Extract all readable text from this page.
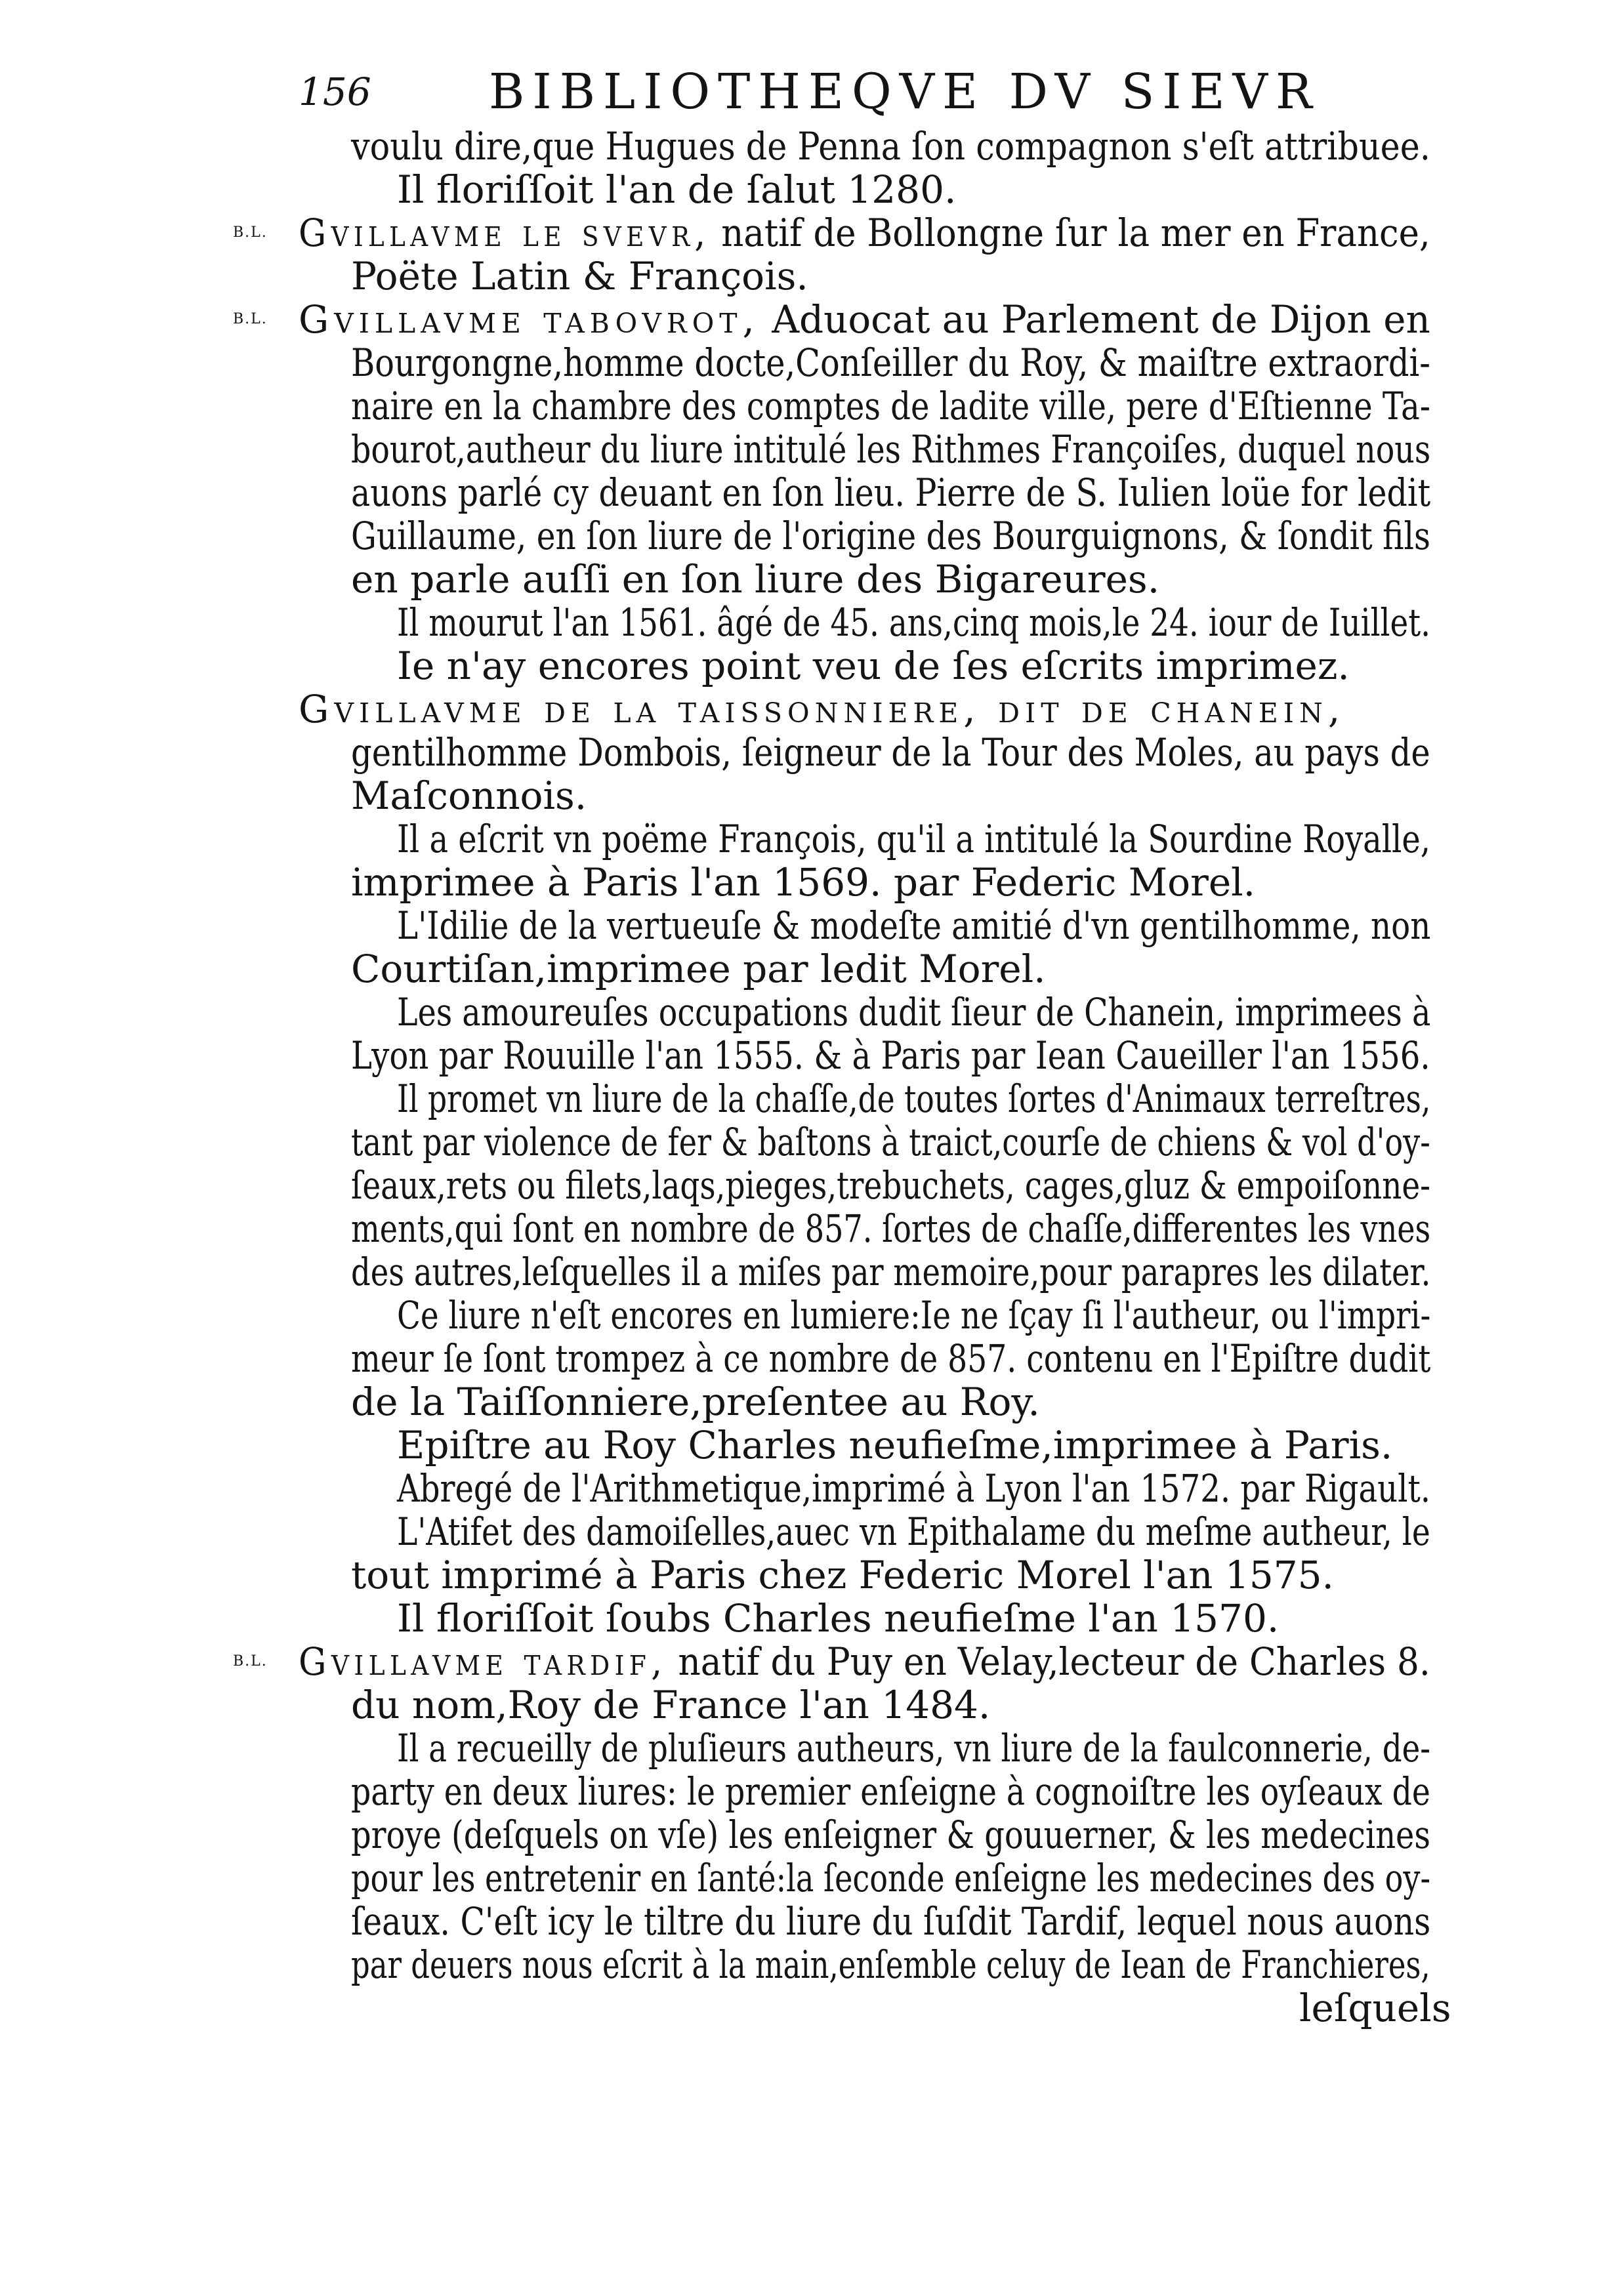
156 BIBLIOTHEQVE DV SIEVR
voulu dire,que Hugues de Penna ſon compagnon s'eſt attribuee.
Il floriſſoit l'an de ſalut 1280.
B.L. Gvillavme le svevr, natif de Bollongne ſur la mer en France,
Poëte Latin & François.
B.L. Gvillavme tabovrot, Aduocat au Parlement de Dijon en
Bourgongne,homme docte,Conſeiller du Roy, & maiſtre extraordi-
naire en la chambre des comptes de ladite ville, pere d'Eſtienne Ta-
bourot,autheur du liure intitulé les Rithmes Françoiſes, duquel nous
auons parlé cy deuant en ſon lieu. Pierre de S. Iulien loüe for ledit
Guillaume, en ſon liure de l'origine des Bourguignons, & ſondit fils
en parle auſſi en ſon liure des Bigareures.
Il mourut l'an 1561. âgé de 45. ans,cinq mois,le 24. iour de Iuillet.
Ie n'ay encores point veu de ſes eſcrits imprimez.
Gvillavme de la taissonniere, dit de chanein,
gentilhomme Dombois, ſeigneur de la Tour des Moles, au pays de
Maſconnois.
Il a eſcrit vn poëme François, qu'il a intitulé la Sourdine Royalle,
imprimee à Paris l'an 1569. par Federic Morel.
L'Idilie de la vertueuſe & modeſte amitié d'vn gentilhomme, non
Courtiſan,imprimee par ledit Morel.
Les amoureuſes occupations dudit ſieur de Chanein, imprimees à
Lyon par Rouuille l'an 1555. & à Paris par Iean Caueiller l'an 1556.
Il promet vn liure de la chaſſe,de toutes ſortes d'Animaux terreſtres,
tant par violence de fer & baſtons à traict,courſe de chiens & vol d'oy-
ſeaux,rets ou filets,laqs,pieges,trebuchets, cages,gluz & empoiſonne-
ments,qui ſont en nombre de 857. ſortes de chaſſe,differentes les vnes
des autres,leſquelles il a miſes par memoire,pour parapres les dilater.
Ce liure n'eſt encores en lumiere:Ie ne ſçay ſi l'autheur, ou l'impri-
meur ſe ſont trompez à ce nombre de 857. contenu en l'Epiſtre dudit
de la Taiſſonniere,preſentee au Roy.
Epiſtre au Roy Charles neufieſme,imprimee à Paris.
Abregé de l'Arithmetique,imprimé à Lyon l'an 1572. par Rigault.
L'Atifet des damoiſelles,auec vn Epithalame du meſme autheur, le
tout imprimé à Paris chez Federic Morel l'an 1575.
Il floriſſoit ſoubs Charles neufieſme l'an 1570.
B.L. Gvillavme tardif, natif du Puy en Velay,lecteur de Charles 8.
du nom,Roy de France l'an 1484.
Il a recueilly de pluſieurs autheurs, vn liure de la faulconnerie, de-
party en deux liures: le premier enſeigne à cognoiſtre les oyſeaux de
proye (deſquels on vſe) les enſeigner & gouuerner, & les medecines
pour les entretenir en ſanté:la ſeconde enſeigne les medecines des oy-
ſeaux. C'eſt icy le tiltre du liure du ſuſdit Tardif, lequel nous auons
par deuers nous eſcrit à la main,enſemble celuy de Iean de Franchieres,
leſquels
